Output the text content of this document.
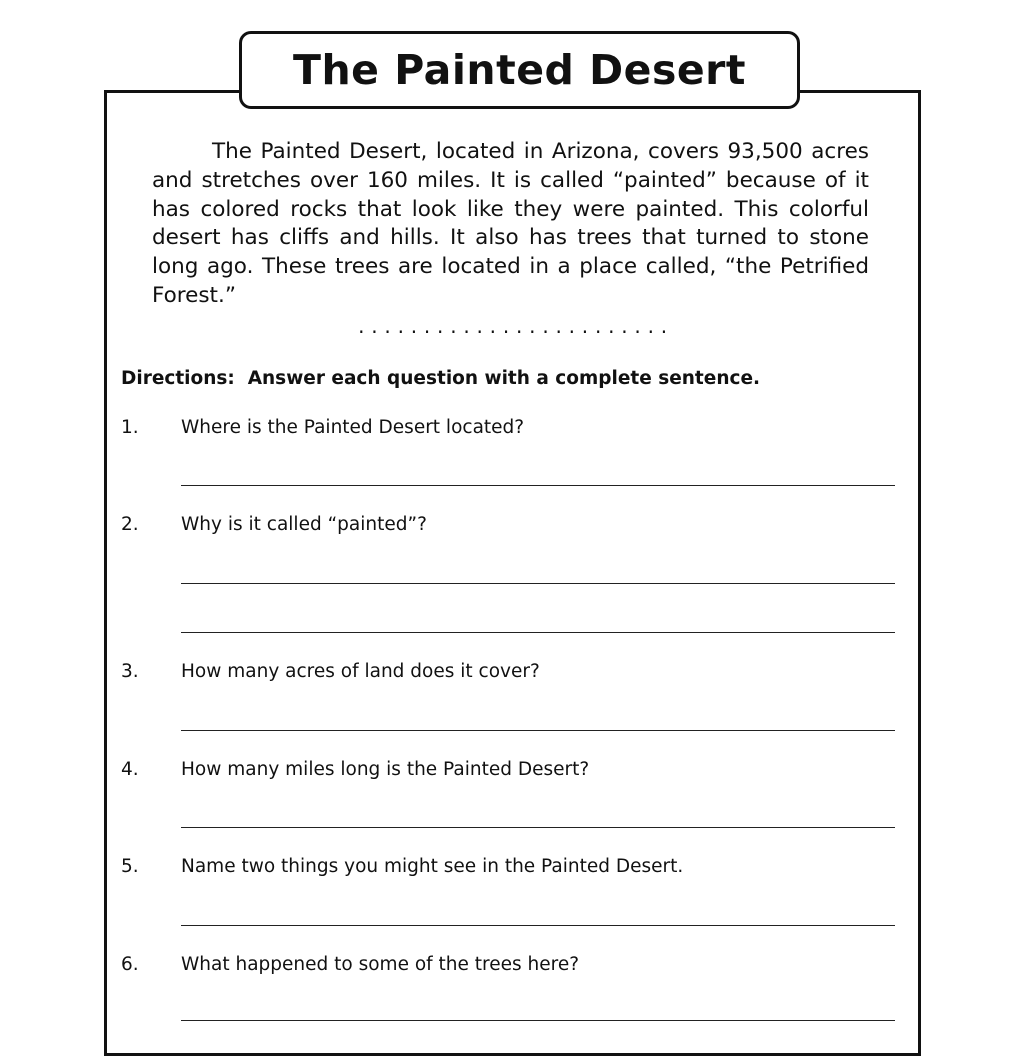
The Painted Desert

The Painted Desert, located in Arizona, covers 93,500 acres and stretches over 160 miles. It is called “painted” because of it has colored rocks that look like they were painted. This colorful desert has cliffs and hills. It also has trees that turned to stone long ago. These trees are located in a place called, “the Petrified Forest.”

........................
Directions:  Answer each question with a complete sentence.
1. Where is the Painted Desert located?
2. Why is it called “painted”?
3. How many acres of land does it cover?
4. How many miles long is the Painted Desert?
5. Name two things you might see in the Painted Desert.
6. What happened to some of the trees here?
